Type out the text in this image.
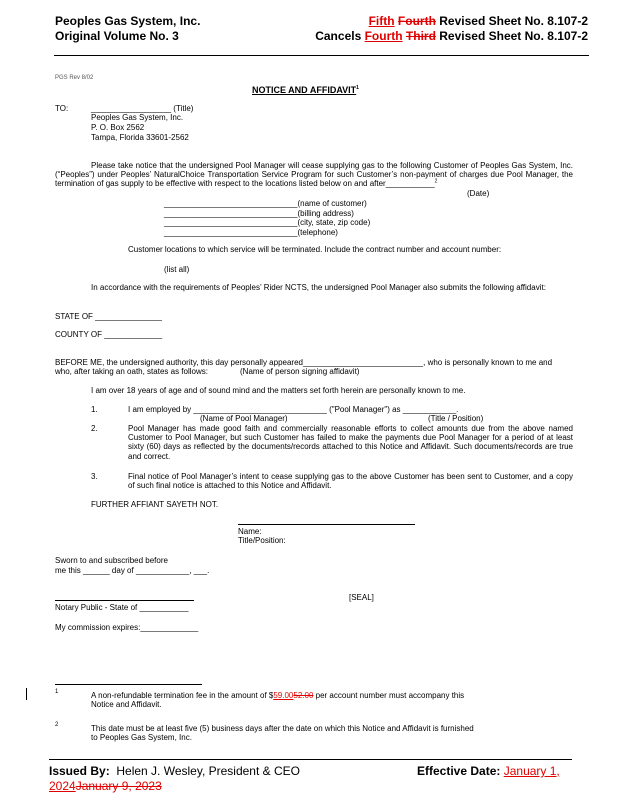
Peoples Gas System, Inc.
Original Volume No. 3
Fifth Fourth Revised Sheet No. 8.107-2
Cancels Fourth Third Revised Sheet No. 8.107-2
PGS Rev 8/02
NOTICE AND AFFIDAVIT$^1$
TO:	__________________ (Title)
Peoples Gas System, Inc.
P. O. Box 2562
Tampa, Florida 33601-2562
Please take notice that the undersigned Pool Manager will cease supplying gas to the following Customer of Peoples Gas System, Inc. (“Peoples”) under Peoples’ NaturalChoice Transportation Service Program for such Customer’s non-payment of charges due Pool Manager, the termination of gas supply to be effective with respect to the locations listed below on and after___________$^2$
(Date)
______________________________(name of customer)
______________________________(billing address)
______________________________(city, state, zip code)
______________________________(telephone)
Customer locations to which service will be terminated. Include the contract number and account number:
(list all)
In accordance with the requirements of Peoples’ Rider NCTS, the undersigned Pool Manager also submits the following affidavit:
STATE OF _______________
COUNTY OF _____________
BEFORE ME, the undersigned authority, this day personally appeared___________________________, who is personally known to me and
who, after taking an oath, states as follows:	(Name of person signing affidavit)
I am over 18 years of age and of sound mind and the matters set forth herein are personally known to me.
1.	I am employed by ______________________________ ("Pool Manager") as ____________.
(Name of Pool Manager)	(Title / Position)
2.	Pool Manager has made good faith and commercially reasonable efforts to collect amounts due from the above named Customer to Pool Manager, but such Customer has failed to make the payments due Pool Manager for a period of at least sixty (60) days as reflected by the documents/records attached to this Notice and Affidavit. Such documents/records are true and correct.
3.	Final notice of Pool Manager’s intent to cease supplying gas to the above Customer has been sent to Customer, and a copy of such final notice is attached to this Notice and Affidavit.
FURTHER AFFIANT SAYETH NOT.
Name:
Title/Position:
Sworn to and subscribed before
me this ______ day of ____________, ___.
[SEAL]
Notary Public - State of ___________
My commission expires:_____________
1	A non-refundable termination fee in the amount of $59.0052.00 per account number must accompany this
Notice and Affidavit.
2	This date must be at least five (5) business days after the date on which this Notice and Affidavit is furnished
to Peoples Gas System, Inc.
Issued By: Helen J. Wesley, President & CEO	Effective Date: January 1,
2024January 9, 2023
